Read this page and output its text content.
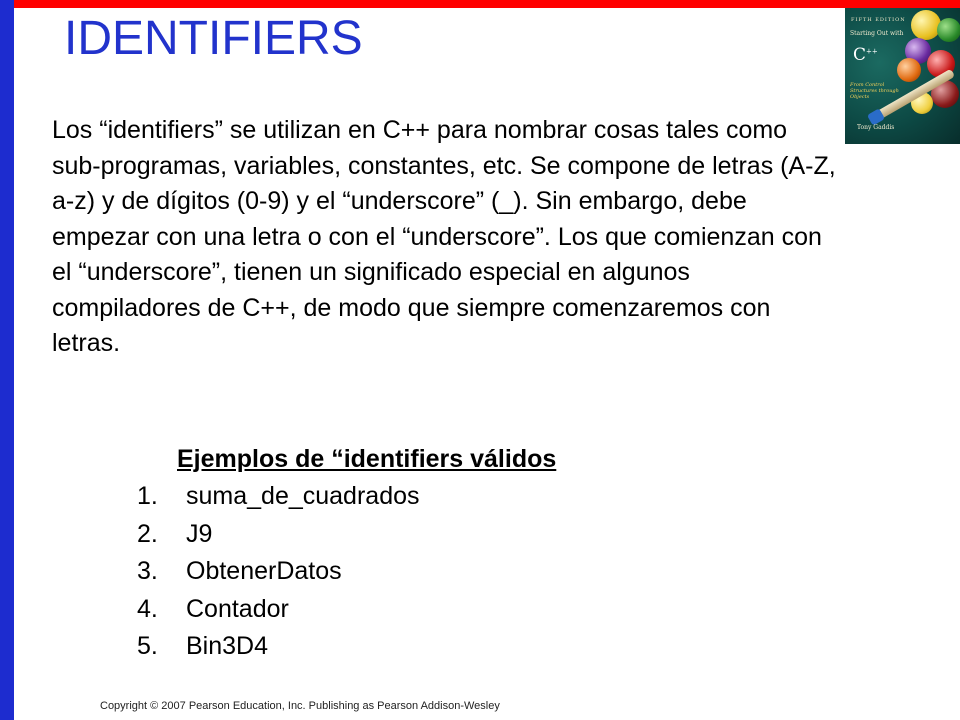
IDENTIFIERS	FIFTH EDITION
Starting Out with
C++
From Control Structures through Objects
Tony Gaddis

Los “identifiers” se utilizan en C++ para nombrar cosas tales como sub-programas, variables, constantes, etc. Se compone de letras (A-Z, a-z) y de dígitos (0-9) y el “underscore” (_). Sin embargo, debe empezar con una letra o con el “underscore”. Los que comienzan con el “underscore”, tienen un significado especial en algunos compiladores de C++, de modo que siempre comenzaremos con letras.

Ejemplos de “identifiers válidos

1. suma_de_cuadrados
2. J9
3. ObtenerDatos
4. Contador
5. Bin3D4
Copyright © 2007 Pearson Education, Inc. Publishing as Pearson Addison-Wesley
